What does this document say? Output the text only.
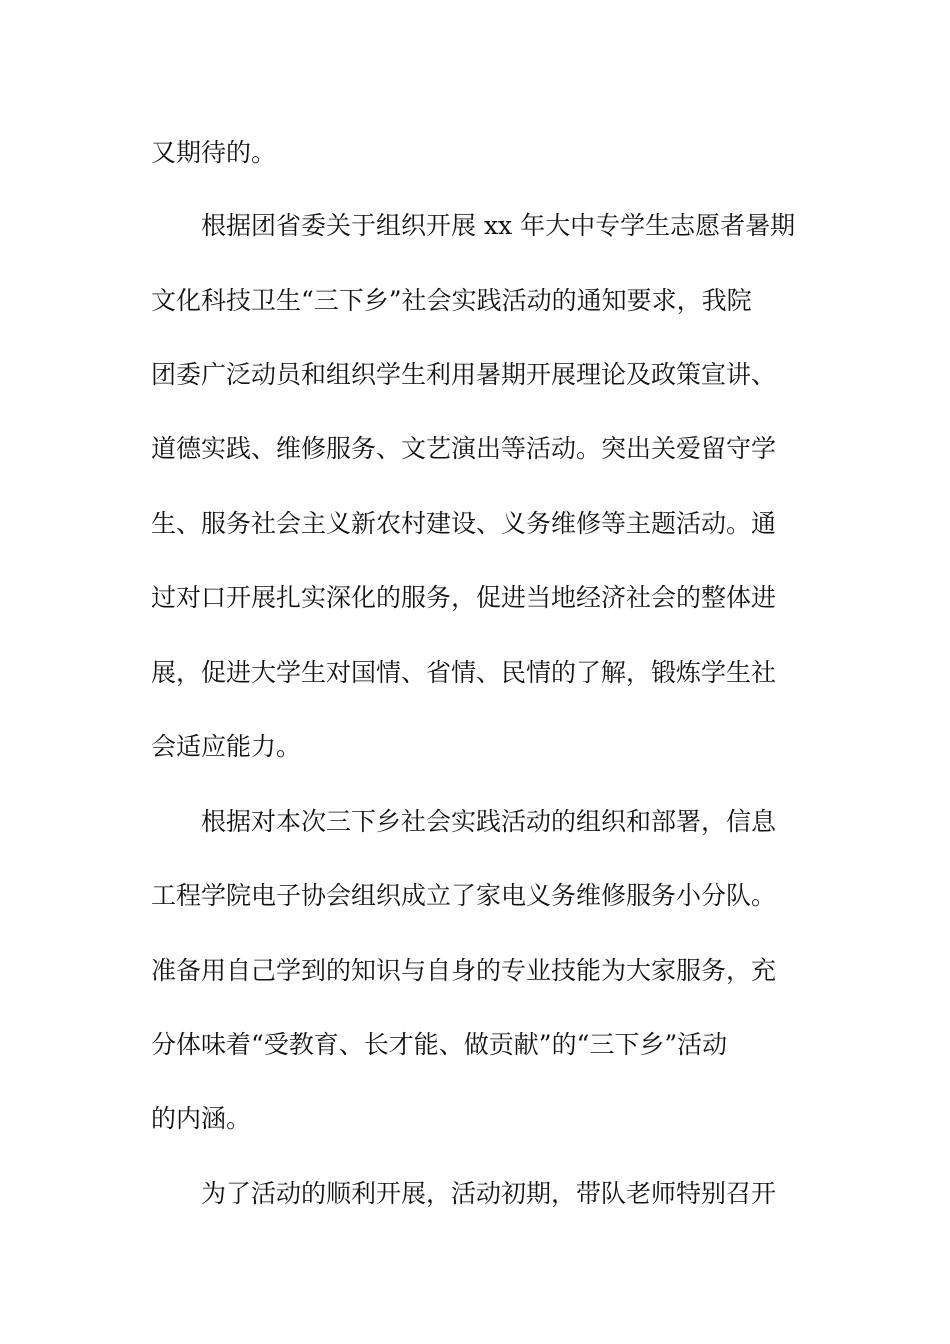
又期待的。
根据团省委关于组织开展 xx 年大中专学生志愿者暑期
文化科技卫生“三下乡”社会实践活动的通知要求，我院
团委广泛动员和组织学生利用暑期开展理论及政策宣讲、
道德实践、维修服务、文艺演出等活动。突出关爱留守学
生、服务社会主义新农村建设、义务维修等主题活动。通
过对口开展扎实深化的服务，促进当地经济社会的整体进
展，促进大学生对国情、省情、民情的了解，锻炼学生社
会适应能力。
根据对本次三下乡社会实践活动的组织和部署，信息
工程学院电子协会组织成立了家电义务维修服务小分队。
准备用自己学到的知识与自身的专业技能为大家服务，充
分体味着“受教育、长才能、做贡献”的“三下乡”活动
的内涵。
为了活动的顺利开展，活动初期，带队老师特别召开
